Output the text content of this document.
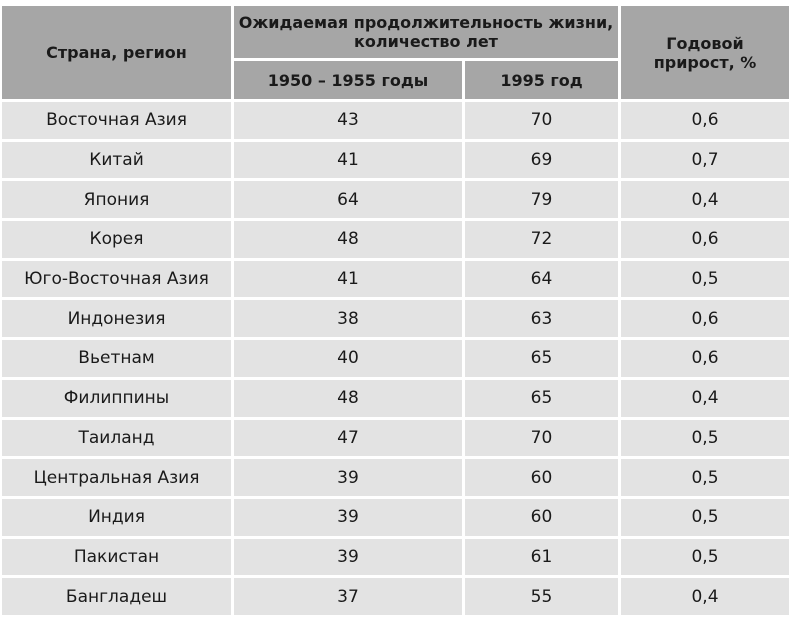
Страна, регион	Ожидаемая продолжительность жизни, количество лет		Годовой прирост, %
	1950 – 1955 годы	1995 год	
Восточная Азия	43	70	0,6
Китай	41	69	0,7
Япония	64	79	0,4
Корея	48	72	0,6
Юго-Восточная Азия	41	64	0,5
Индонезия	38	63	0,6
Вьетнам	40	65	0,6
Филиппины	48	65	0,4
Таиланд	47	70	0,5
Центральная Азия	39	60	0,5
Индия	39	60	0,5
Пакистан	39	61	0,5
Бангладеш	37	55	0,4
